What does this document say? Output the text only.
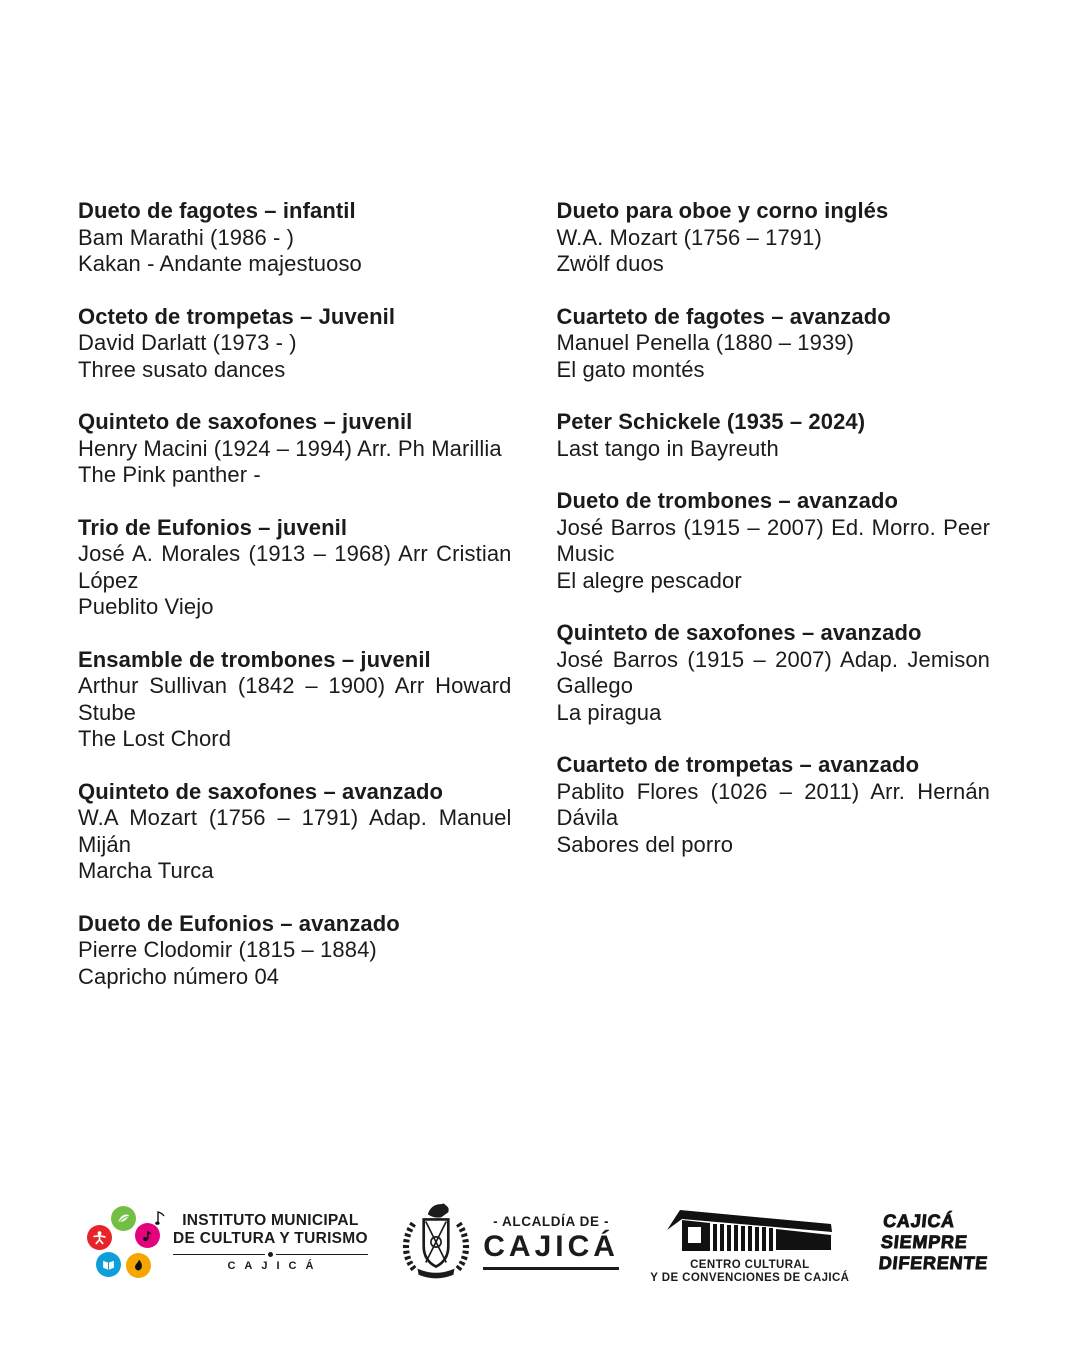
Dueto de fagotes – infantil
Bam Marathi (1986 - )
Kakan - Andante majestuoso
Octeto de trompetas – Juvenil
David Darlatt (1973 - )
Three susato dances
Quinteto de saxofones – juvenil
Henry Macini (1924 – 1994) Arr. Ph Marillia
The Pink panther -
Trio de Eufonios – juvenil
José A. Morales (1913 – 1968) Arr Cristian López
Pueblito Viejo
Ensamble de trombones – juvenil
Arthur Sullivan (1842 – 1900) Arr Howard Stube
The Lost Chord
Quinteto de saxofones – avanzado
W.A Mozart (1756 – 1791) Adap. Manuel Miján
Marcha Turca
Dueto de Eufonios – avanzado
Pierre Clodomir (1815 – 1884)
Capricho número 04
Dueto para oboe y corno inglés
W.A. Mozart (1756 – 1791)
Zwölf duos
Cuarteto de fagotes – avanzado
Manuel Penella (1880 – 1939)
El gato montés
Peter Schickele (1935 – 2024)
Last tango in Bayreuth
Dueto de trombones – avanzado
José Barros (1915 – 2007) Ed. Morro. Peer Music
El alegre pescador
Quinteto de saxofones – avanzado
José Barros (1915 – 2007) Adap. Jemison Gallego
La piragua
Cuarteto de trompetas – avanzado
Pablito Flores (1026 – 2011) Arr. Hernán Dávila
Sabores del porro
INSTITUTO MUNICIPAL
DE CULTURA Y TURISMO
CAJICÁ
- ALCALDÍA DE -
CAJICÁ
CENTRO CULTURAL
Y DE CONVENCIONES DE CAJICÁ
CAJICÁ
SIEMPRE
DIFERENTE
